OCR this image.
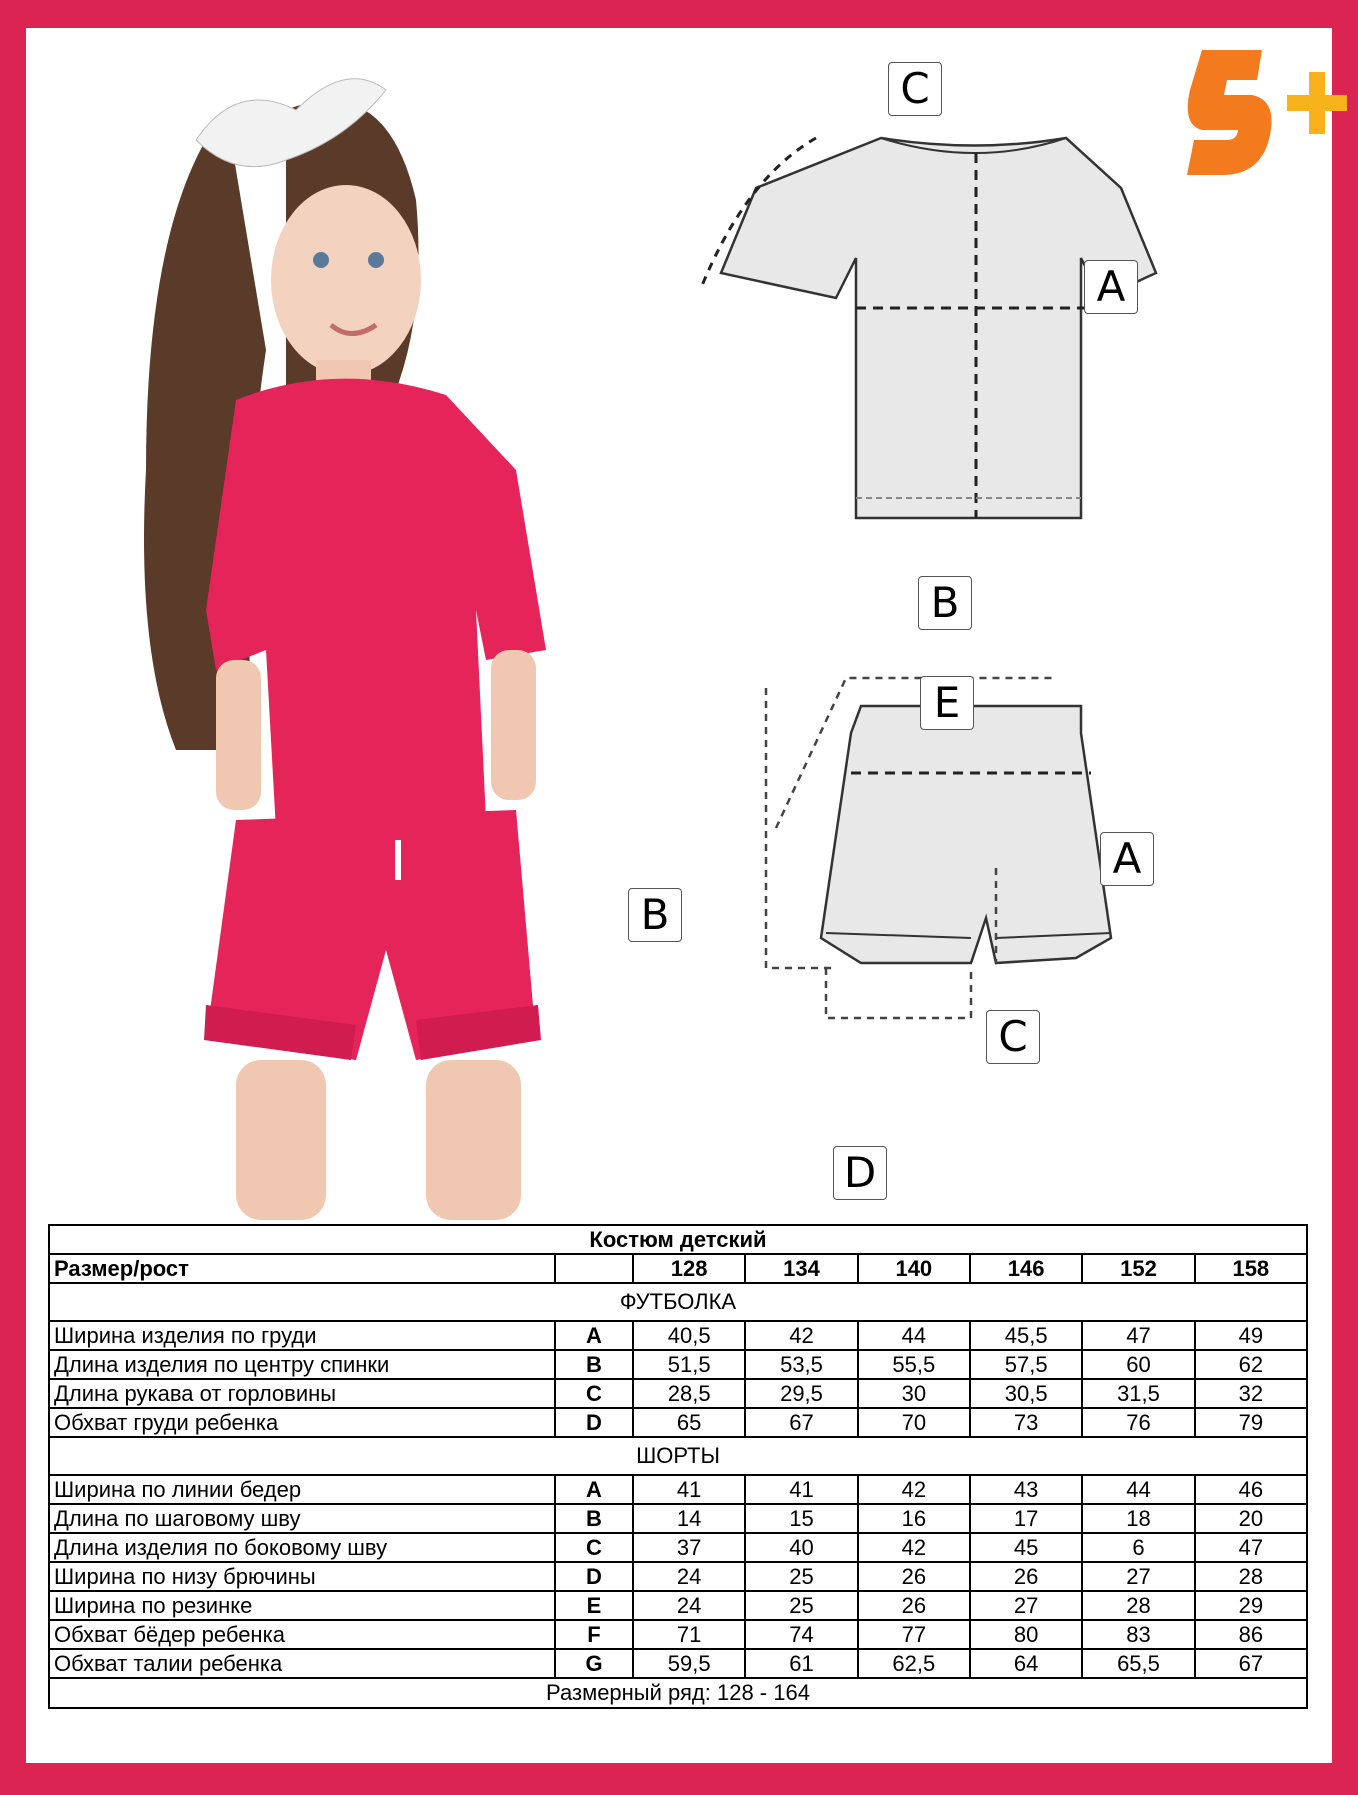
C
A
B
E
A
B
C
D
Костюм детский							
Размер/рост		128	134	140	146	152	158
ФУТБОЛКА							
Ширина изделия по груди	A	40,5	42	44	45,5	47	49
Длина изделия по центру спинки	B	51,5	53,5	55,5	57,5	60	62
Длина рукава от горловины	C	28,5	29,5	30	30,5	31,5	32
Обхват груди ребенка	D	65	67	70	73	76	79
ШОРТЫ							
Ширина по линии бедер	A	41	41	42	43	44	46
Длина по шаговому шву	B	14	15	16	17	18	20
Длина изделия по боковому шву	C	37	40	42	45	6	47
Ширина по низу брючины	D	24	25	26	26	27	28
Ширина по резинке	E	24	25	26	27	28	29
Обхват бёдер ребенка	F	71	74	77	80	83	86
Обхват талии ребенка	G	59,5	61	62,5	64	65,5	67
Размерный ряд: 128 - 164							
